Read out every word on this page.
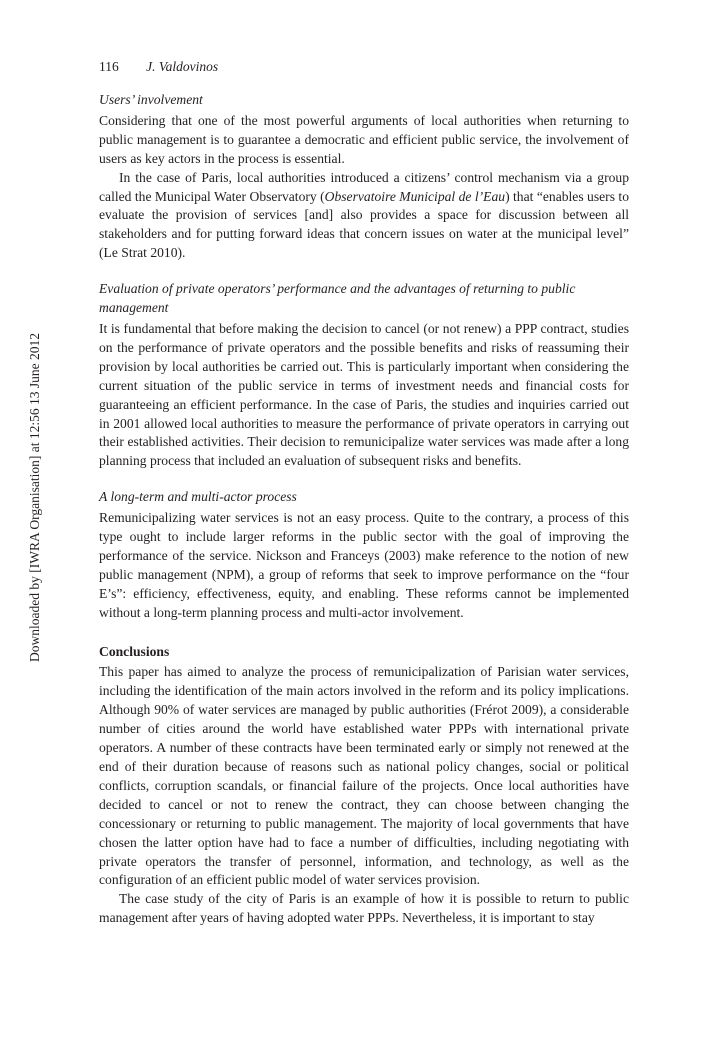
Downloaded by [IWRA Organisation] at 12:56 13 June 2012
116 J. Valdovinos
Users’ involvement

Considering that one of the most powerful arguments of local authorities when returning to public management is to guarantee a democratic and efficient public service, the involvement of users as key actors in the process is essential.

In the case of Paris, local authorities introduced a citizens’ control mechanism via a group called the Municipal Water Observatory (Observatoire Municipal de l’Eau) that “enables users to evaluate the provision of services [and] also provides a space for discussion between all stakeholders and for putting forward ideas that concern issues on water at the municipal level” (Le Strat 2010).

Evaluation of private operators’ performance and the advantages of returning to public management

It is fundamental that before making the decision to cancel (or not renew) a PPP contract, studies on the performance of private operators and the possible benefits and risks of reassuming their provision by local authorities be carried out. This is particularly important when considering the current situation of the public service in terms of investment needs and financial costs for guaranteeing an efficient performance. In the case of Paris, the studies and inquiries carried out in 2001 allowed local authorities to measure the performance of private operators in carrying out their established activities. Their decision to remunicipalize water services was made after a long planning process that included an evaluation of subsequent risks and benefits.

A long-term and multi-actor process

Remunicipalizing water services is not an easy process. Quite to the contrary, a process of this type ought to include larger reforms in the public sector with the goal of improving the performance of the service. Nickson and Franceys (2003) make reference to the notion of new public management (NPM), a group of reforms that seek to improve performance on the “four E’s”: efficiency, effectiveness, equity, and enabling. These reforms cannot be implemented without a long-term planning process and multi-actor involvement.

Conclusions

This paper has aimed to analyze the process of remunicipalization of Parisian water services, including the identification of the main actors involved in the reform and its policy implications. Although 90% of water services are managed by public authorities (Frérot 2009), a considerable number of cities around the world have established water PPPs with international private operators. A number of these contracts have been terminated early or simply not renewed at the end of their duration because of reasons such as national policy changes, social or political conflicts, corruption scandals, or financial failure of the projects. Once local authorities have decided to cancel or not to renew the contract, they can choose between changing the concessionary or returning to public management. The majority of local governments that have chosen the latter option have had to face a number of difficulties, including negotiating with private operators the transfer of personnel, information, and technology, as well as the configuration of an efficient public model of water services provision.

The case study of the city of Paris is an example of how it is possible to return to public management after years of having adopted water PPPs. Nevertheless, it is important to stay
